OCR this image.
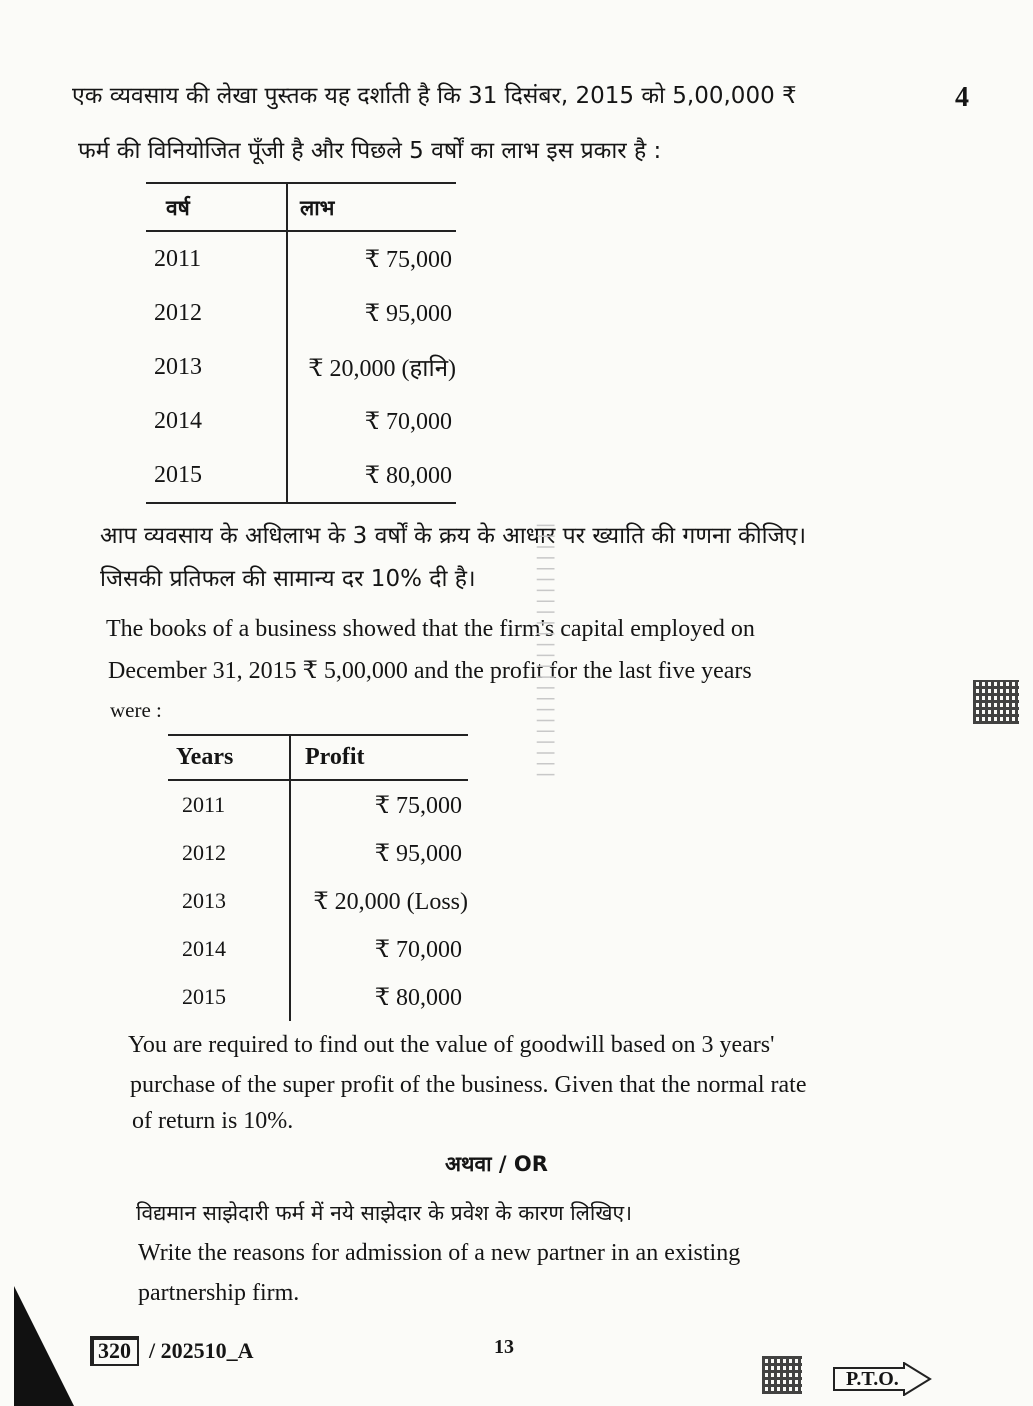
4
एक व्यवसाय की लेखा पुस्तक यह दर्शाती है कि 31 दिसंबर, 2015 को 5,00,000 ₹
फर्म की विनियोजित पूँजी है और पिछले 5 वर्षों का लाभ इस प्रकार है :
वर्ष	लाभ
2011	₹ 75,000
2012	₹ 95,000
2013	₹ 20,000 (हानि)
2014	₹ 70,000
2015	₹ 80,000
आप व्यवसाय के अधिलाभ के 3 वर्षों के क्रय के आधार पर ख्याति की गणना कीजिए।
जिसकी प्रतिफल की सामान्य दर 10% दी है।
The books of a business showed that the firm's capital employed on
December 31, 2015 ₹ 5,00,000 and the profit for the last five years
were :
Years	Profit
2011	₹ 75,000
2012	₹ 95,000
2013	₹ 20,000 (Loss)
2014	₹ 70,000
2015	₹ 80,000
||||||||||||||||||||||||
You are required to find out the value of goodwill based on 3 years'
purchase of the super profit of the business. Given that the normal rate
of return is 10%.
अथवा / OR
विद्यमान साझेदारी फर्म में नये साझेदार के प्रवेश के कारण लिखिए।
Write the reasons for admission of a new partner in an existing
partnership firm.
320 / 202510_A	13
P.T.O.
